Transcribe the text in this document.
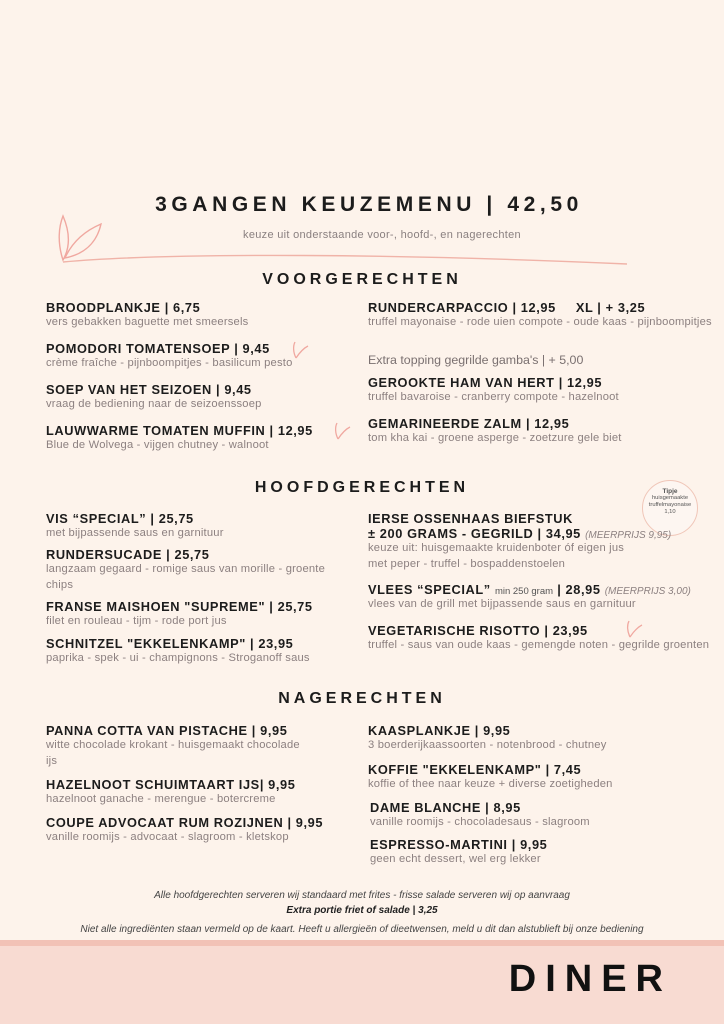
3GANGEN KEUZEMENU | 42,50
keuze uit onderstaande voor-, hoofd-, en nagerechten
VOORGERECHTEN
BROODPLANKJE | 6,75
vers gebakken baguette met smeersels
POMODORI TOMATENSOEP | 9,45
crème fraîche - pijnboompitjes - basilicum pesto
SOEP VAN HET SEIZOEN | 9,45
vraag de bediening naar de seizoenssoep
LAUWWARME TOMATEN MUFFIN | 12,95
Blue de Wolvega - vijgen chutney - walnoot
RUNDERCARPACCIO | 12,95 XL | + 3,25
truffel mayonaise - rode uien compote - oude kaas - pijnboompitjes
Extra topping gegrilde gamba's | + 5,00
GEROOKTE HAM VAN HERT | 12,95
truffel bavaroise - cranberry compote - hazelnoot
GEMARINEERDE ZALM | 12,95
tom kha kai - groene asperge - zoetzure gele biet
HOOFDGERECHTEN	Tipje
huisgemaakte truffelmayonaise
1,10
VIS “SPECIAL” | 25,75
met bijpassende saus en garnituur
RUNDERSUCADE | 25,75
langzaam gegaard - romige saus van morille - groente chips
FRANSE MAISHOEN "SUPREME" | 25,75
filet en rouleau - tijm - rode port jus
SCHNITZEL "EKKELENKAMP" | 23,95
paprika - spek - ui - champignons - Stroganoff saus
IERSE OSSENHAAS BIEFSTUK
± 200 GRAMS - GEGRILD | 34,95 (MEERPRIJS 9,95)
keuze uit: huisgemaakte kruidenboter óf eigen jus met peper - truffel - bospaddenstoelen
VLEES “SPECIAL” min 250 gram | 28,95 (MEERPRIJS 3,00)
vlees van de grill met bijpassende saus en garnituur
VEGETARISCHE RISOTTO | 23,95
truffel - saus van oude kaas - gemengde noten - gegrilde groenten
NAGERECHTEN
PANNA COTTA VAN PISTACHE | 9,95
witte chocolade krokant - huisgemaakt chocolade ijs
HAZELNOOT SCHUIMTAART IJS| 9,95
hazelnoot ganache - merengue - botercreme
COUPE ADVOCAAT RUM ROZIJNEN | 9,95
vanille roomijs - advocaat - slagroom - kletskop
KAASPLANKJE | 9,95
3 boerderijkaassoorten - notenbrood - chutney
KOFFIE "EKKELENKAMP" | 7,45
koffie of thee naar keuze + diverse zoetigheden
DAME BLANCHE | 8,95
vanille roomijs - chocoladesaus - slagroom
ESPRESSO-MARTINI | 9,95
geen echt dessert, wel erg lekker
Alle hoofdgerechten serveren wij standaard met frites - frisse salade serveren wij op aanvraag
Extra portie friet of salade | 3,25
Niet alle ingrediënten staan vermeld op de kaart. Heeft u allergieën of dieetwensen, meld u dit dan alstublieft bij onze bediening
DINER
